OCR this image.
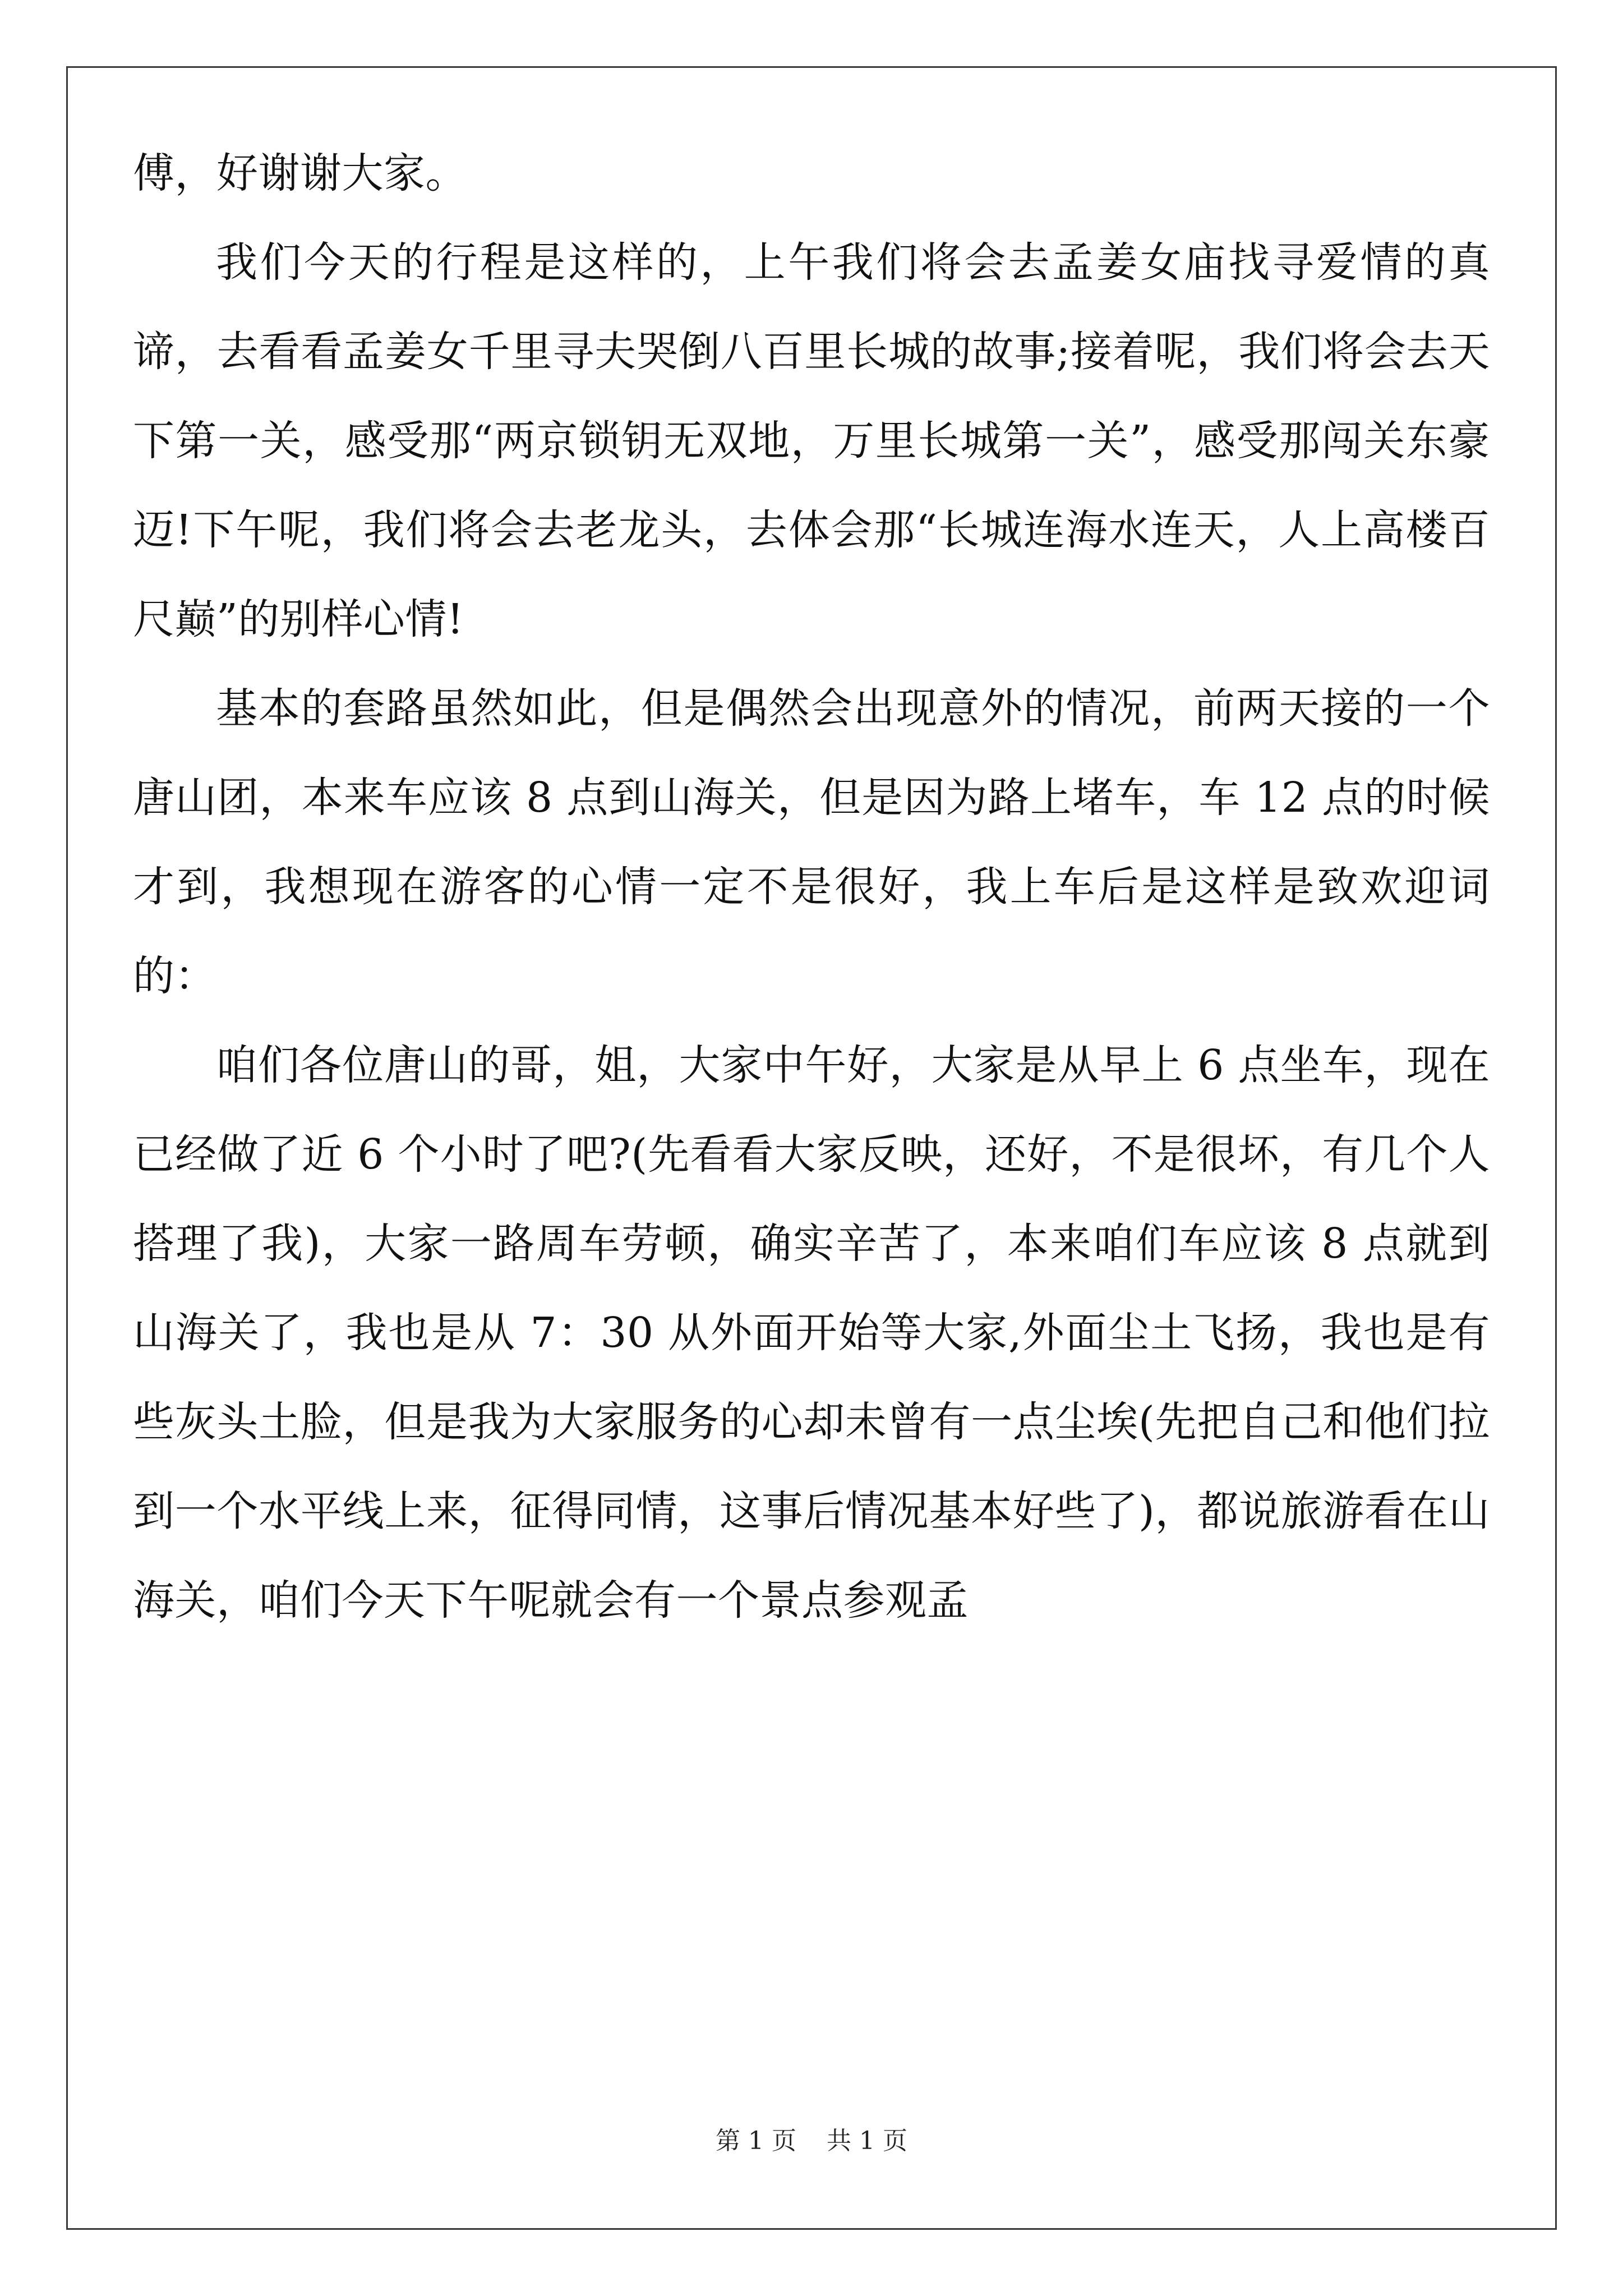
傅，好谢谢大家。

我们今天的行程是这样的，上午我们将会去孟姜女庙找寻爱情的真谛，去看看孟姜女千里寻夫哭倒八百里长城的故事;接着呢，我们将会去天下第一关，感受那“两京锁钥无双地，万里长城第一关”，感受那闯关东豪迈!下午呢，我们将会去老龙头，去体会那“长城连海水连天，人上高楼百尺巅”的别样心情!

基本的套路虽然如此，但是偶然会出现意外的情况，前两天接的一个唐山团，本来车应该 8 点到山海关，但是因为路上堵车，车 12 点的时候才到，我想现在游客的心情一定不是很好，我上车后是这样是致欢迎词的：

咱们各位唐山的哥，姐，大家中午好，大家是从早上 6 点坐车，现在已经做了近 6 个小时了吧?(先看看大家反映，还好，不是很坏，有几个人搭理了我)，大家一路周车劳顿，确实辛苦了，本来咱们车应该 8 点就到山海关了，我也是从 7：30 从外面开始等大家,外面尘土飞扬，我也是有些灰头土脸，但是我为大家服务的心却未曾有一点尘埃(先把自己和他们拉到一个水平线上来，征得同情，这事后情况基本好些了)，都说旅游看在山海关，咱们今天下午呢就会有一个景点参观孟

第 1 页 共 1 页
